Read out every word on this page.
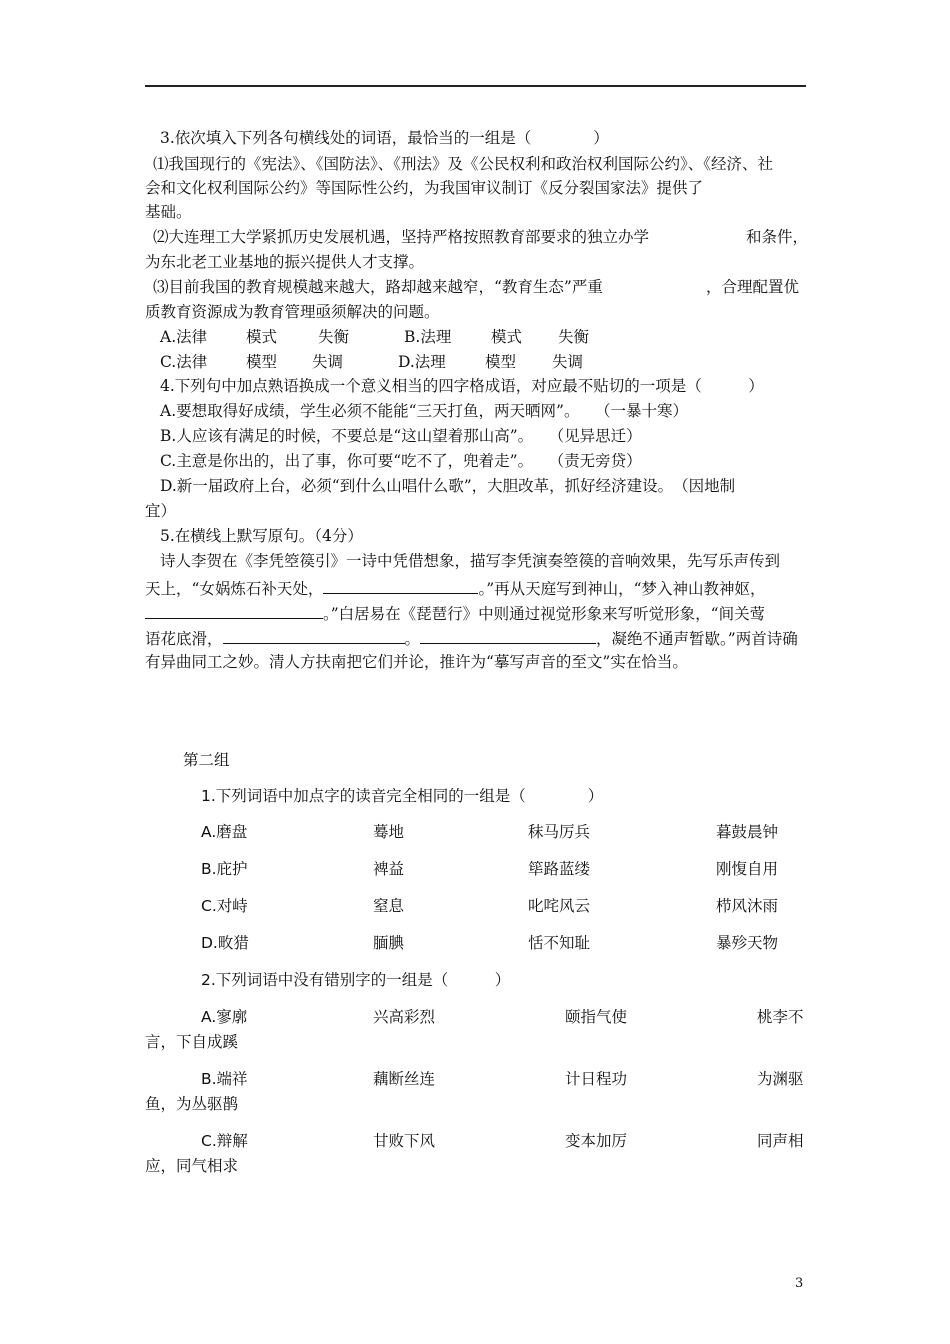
3.依次填入下列各句横线处的词语，最恰当的一组是（　　　　）
⑴我国现行的《宪法》、《国防法》、《刑法》及《公民权利和政治权利国际公约》、《经济、社
会和文化权利国际公约》等国际性公约，为我国审议制订《反分裂国家法》提供了
基础。
⑵大连理工大学紧抓历史发展机遇，坚持严格按照教育部要求的独立办学	和条件，
为东北老工业基地的振兴提供人才支撑。
⑶目前我国的教育规模越来越大，路却越来越窄，“教育生态”严重	，合理配置优
质教育资源成为教育管理亟须解决的问题。
A.法律	模式	失衡	B.法理	模式 失衡
C.法律	模型 失调	D.法理	模型 失调
4.下列句中加点熟语换成一个意义相当的四字格成语，对应最不贴切的一项是（　　　）
A.要想取得好成绩，学生必须不能能“三天打鱼，两天晒网”。　　（一暴十寒）
B.人应该有满足的时候，不要总是“这山望着那山高”。　　（见异思迁）
C.主意是你出的，出了事，你可要“吃不了，兜着走”。　　（责无旁贷）
D.新一届政府上台，必须“到什么山唱什么歌”，大胆改革，抓好经济建设。　（因地制
宜）
5.在横线上默写原句。（4分）
诗人李贺在《李凭箜篌引》一诗中凭借想象，描写李凭演奏箜篌的音响效果，先写乐声传到
天上，“女娲炼石补天处，	。”再从天庭写到神山，“梦入神山教神妪，
。”白居易在《琵琶行》中则通过视觉形象来写听觉形象，“间关莺
语花底滑，	。	，凝绝不通声暂歇。”两首诗确
有异曲同工之妙。清人方扶南把它们并论，推许为“摹写声音的至文”实在恰当。
第二组
1.下列词语中加点字的读音完全相同的一组是（　　　　）
A.磨盘	蓦地	秣马厉兵	暮鼓晨钟
B.庇护	裨益	筚路蓝缕	刚愎自用
C.对峙	窒息	叱咤风云	栉风沐雨
D.畋猎	腼腆	恬不知耻	暴殄天物
2.下列词语中没有错别字的一组是（　　　）
A.寥廓	兴高彩烈	颐指气使	桃李不
言，下自成蹊
B.端祥	藕断丝连	计日程功	为渊驱
鱼，为丛驱鹊
C.辩解	甘败下风	变本加厉	同声相
应，同气相求
3
